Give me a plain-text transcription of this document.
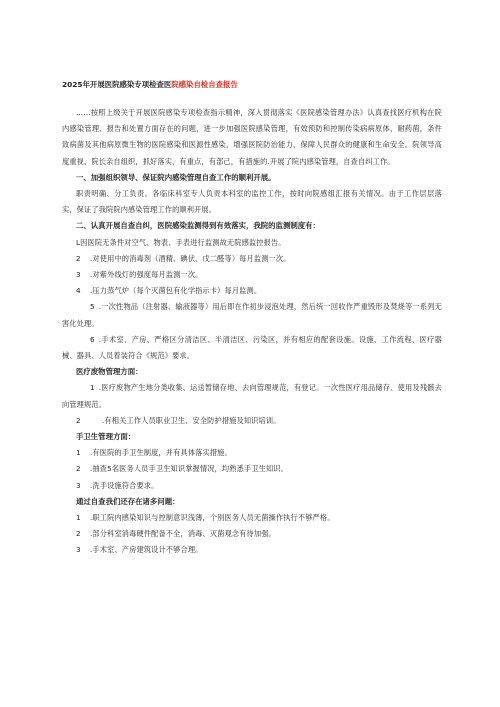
2025年开展医院感染专项检查医院感染自检自查报告

……按照上级关于开展医院感染专项检查指示精神，深入贯彻落实《医院感染管理办法》认真查找医疗机构在院内感染管理、报告和处置方面存在的问题，进一步加强医院感染管理，有效预防和控制传染病病原体，耐药菌，条件致病菌及其他病原微生物的医院感染和医源性感染，增强医院防治能力，保障人民群众的健康和生命安全。院领导高度重视，院长亲自组织，抓好落实，有重点，有部己，有措施的.开展了院内感染管理，自查自纠工作。

一、加强组织领导、保证院内感染管理自查工作的顺利开展。

职责明确、分工负责。各临床科室专人负责本科室的监控工作，按时向院感组汇报有关情况。由于工作层层落实，保证了我院院内感染管理工作的顺利开展。

二、认真开展自查自纠，医院感染监测得到有效落实，我院的监测制度有：

L因医院无条件对空气、物表、手表进行监测故无院感监控报告。

2 .对使用中的消毒剂（酒精、碘伏、戊二醛等）每月监测一次。

3 .对紫外线灯的强度每月监测一次。

4 .压力蒸气炉（每个灭菌包有化学指示卡）每月监测。

5 .一次性物品（注射器、输液器等）用后即在作初步浸泡处理，然后统一回收作严重毁形及焚烧等一系列无害化处理。

6 .手术室、产房、严格区分清洁区、半清洁区、污染区，并有相应的配套设施。设施、工作流程、医疗器械、器具、人员着装符合《规范》要求。

医疗废物管理方面：

1 .医疗废物产生地分类收集、运送暂储存地、去向管理规范，有登记。一次性医疗用品储存、使用及残骸去向管理规范。

2	.有相关工作人员职业卫生、安全防护措施及知识培训。

手卫生管理方面：

1 .有医院的手卫生制度，并有具体落实措施。

2 .抽查5名医务人员手卫生知识掌握情况，均熟悉手卫生知识。

3 .洗手设施符合要求。

通过自查我们还存在诸多问题：

1 .职工院内感染知识与控制意识浅薄，个别医务人员无菌操作执行不够严格。

2 .部分科室消毒硬件配备不全，消毒、灭菌观念有待加强。

3 .手术室、产房建筑设计不够合理。
